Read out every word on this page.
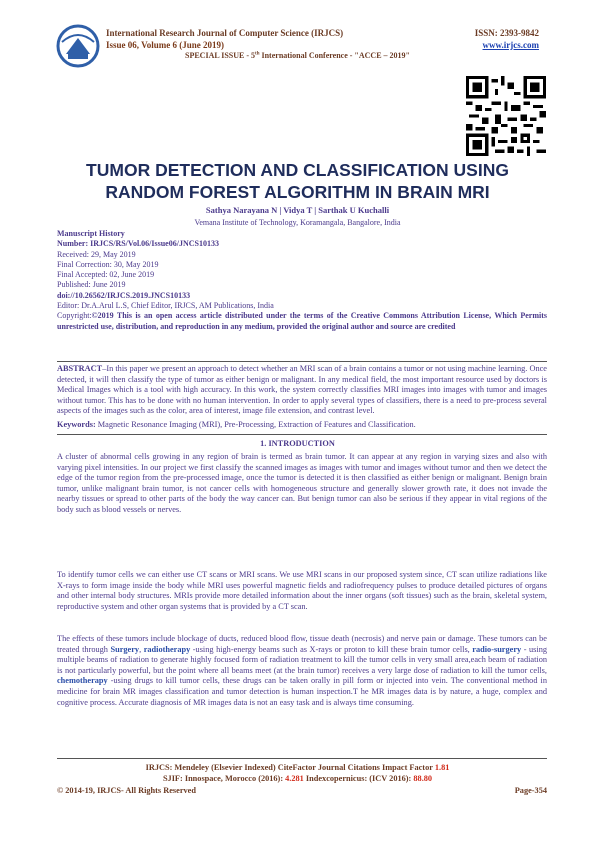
International Research Journal of Computer Science (IRJCS)
Issue 06, Volume 6 (June 2019)
ISSN: 2393-9842
www.irjcs.com
SPECIAL ISSUE - 5th International Conference - "ACCE – 2019"
TUMOR DETECTION AND CLASSIFICATION USING
RANDOM FOREST ALGORITHM IN BRAIN MRI
Sathya Narayana N | Vidya T | Sarthak U Kuchalli
Vemana Institute of Technology, Koramangala, Bangalore, India
Manuscript History
Number: IRJCS/RS/Vol.06/Issue06/JNCS10133
Received: 29, May 2019
Final Correction: 30, May 2019
Final Accepted: 02, June 2019
Published: June 2019
doi://10.26562/IRJCS.2019.JNCS10133
Editor: Dr.A.Arul L.S, Chief Editor, IRJCS, AM Publications, India
Copyright:©2019 This is an open access article distributed under the terms of the Creative Commons Attribution License, Which Permits unrestricted use, distribution, and reproduction in any medium, provided the original author and source are credited
ABSTRACT–In this paper we present an approach to detect whether an MRI scan of a brain contains a tumor or not using machine learning. Once detected, it will then classify the type of tumor as either benign or malignant. In any medical field, the most important resource used by doctors is Medical Images which is a tool with high accuracy. In this work, the system correctly classifies MRI images into images with tumor and images without tumor. This has to be done with no human intervention. In order to apply several types of classifiers, there is a need to pre-process several aspects of the images such as the color, area of interest, image file extension, and contrast level.
Keywords: Magnetic Resonance Imaging (MRI), Pre-Processing, Extraction of Features and Classification.
1. INTRODUCTION

A cluster of abnormal cells growing in any region of brain is termed as brain tumor. It can appear at any region in varying sizes and also with varying pixel intensities. In our project we first classify the scanned images as images with tumor and images without tumor and then we detect the edge of the tumor region from the pre-processed image, once the tumor is detected it is then classified as either benign or malignant. Benign brain tumor, unlike malignant brain tumor, is not cancer cells with homogeneous structure and generally slower growth rate, it does not invade the nearby tissues or spread to other parts of the body the way cancer can. But benign tumor can also be serious if they appear in vital regions of the body such as blood vessels or nerves.

To identify tumor cells we can either use CT scans or MRI scans. We use MRI scans in our proposed system since, CT scan utilize radiations like X-rays to form image inside the body while MRI uses powerful magnetic fields and radiofrequency pulses to produce detailed pictures of organs and other internal body structures. MRIs provide more detailed information about the inner organs (soft tissues) such as the brain, skeletal system, reproductive system and other organ systems that is provided by a CT scan.

The effects of these tumors include blockage of ducts, reduced blood flow, tissue death (necrosis) and nerve pain or damage. These tumors can be treated through Surgery, radiotherapy -using high-energy beams such as X-rays or proton to kill these brain tumor cells, radio-surgery - using multiple beams of radiation to generate highly focused form of radiation treatment to kill the tumor cells in very small area,each beam of radiation is not particularly powerful, but the point where all beams meet (at the brain tumor) receives a very large dose of radiation to kill the tumor cells, chemotherapy -using drugs to kill tumor cells, these drugs can be taken orally in pill form or injected into vein. The conventional method in medicine for brain MR images classification and tumor detection is human inspection.T he MR images data is by nature, a huge, complex and cognitive process. Accurate diagnosis of MR images data is not an easy task and is always time consuming.

IRJCS: Mendeley (Elsevier Indexed) CiteFactor Journal Citations Impact Factor 1.81
SJIF: Innospace, Morocco (2016): 4.281 Indexcopernicus: (ICV 2016): 88.80
© 2014-19, IRJCS- All Rights Reserved	Page-354
